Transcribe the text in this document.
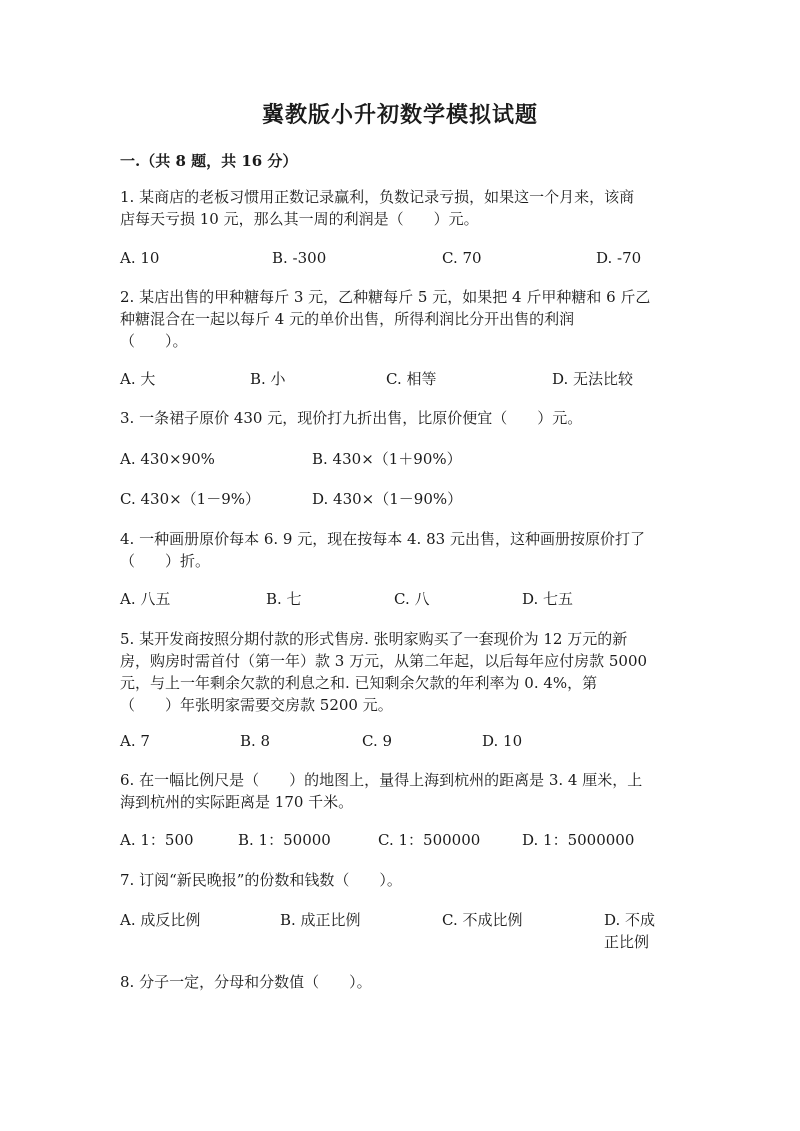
冀教版小升初数学模拟试题
一.（共 8 题，共 16 分）
1. 某商店的老板习惯用正数记录赢利，负数记录亏损，如果这一个月来，该商
店每天亏损 10 元，那么其一周的利润是（　　）元。
A. 10	B. -300	C. 70	D. -70
2. 某店出售的甲种糖每斤 3 元，乙种糖每斤 5 元，如果把 4 斤甲种糖和 6 斤乙
种糖混合在一起以每斤 4 元的单价出售，所得利润比分开出售的利润
（　　）。
A. 大	B. 小	C. 相等	D. 无法比较
3. 一条裙子原价 430 元，现价打九折出售，比原价便宜（　　）元。
A. 430×90%	B. 430×（1＋90%）
C. 430×（1－9%）	D. 430×（1－90%）
4. 一种画册原价每本 6. 9 元，现在按每本 4. 83 元出售，这种画册按原价打了
（　　）折。
A. 八五	B. 七	C. 八	D. 七五
5. 某开发商按照分期付款的形式售房. 张明家购买了一套现价为 12 万元的新
房，购房时需首付（第一年）款 3 万元，从第二年起，以后每年应付房款 5000
元，与上一年剩余欠款的利息之和. 已知剩余欠款的年利率为 0. 4%，第
（　　）年张明家需要交房款 5200 元。
A. 7	B. 8	C. 9	D. 10
6. 在一幅比例尺是（　　）的地图上，量得上海到杭州的距离是 3. 4 厘米，上
海到杭州的实际距离是 170 千米。
A. 1：500	B. 1：50000	C. 1：500000	D. 1：5000000
7. 订阅“新民晚报”的份数和钱数（　　）。
A. 成反比例	B. 成正比例	C. 不成比例	D. 不成正比例
8. 分子一定，分母和分数值（　　）。
